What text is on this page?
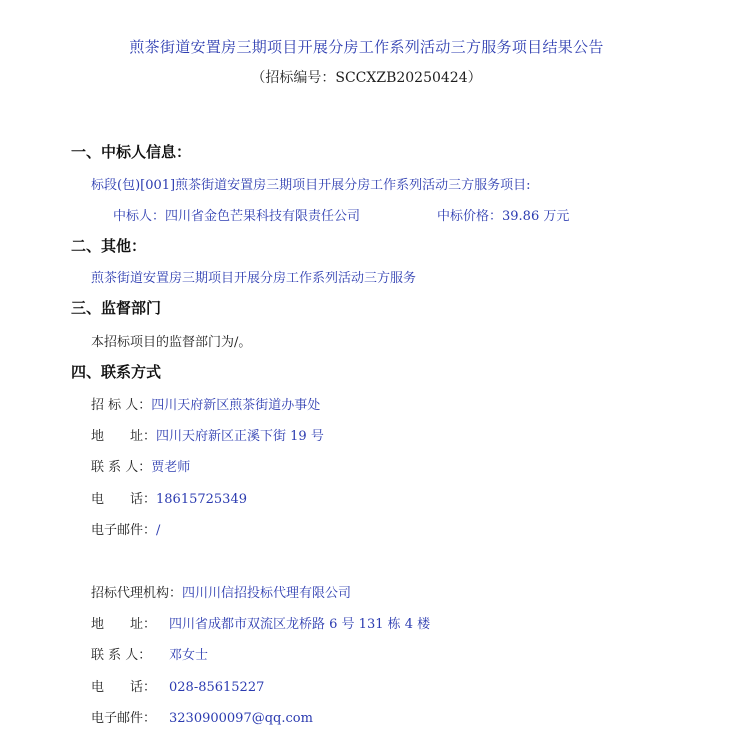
煎茶街道安置房三期项目开展分房工作系列活动三方服务项目结果公告
（招标编号：SCCXZB20250424）
一、中标人信息：
标段(包)[001]煎茶街道安置房三期项目开展分房工作系列活动三方服务项目:
中标人：四川省金色芒果科技有限责任公司	中标价格：39.86 万元
二、其他：
煎茶街道安置房三期项目开展分房工作系列活动三方服务
三、监督部门
本招标项目的监督部门为/。
四、联系方式
招 标 人：四川天府新区煎茶街道办事处
地　　址：四川天府新区正溪下街 19 号
联 系 人：贾老师
电　　话：18615725349
电子邮件：/
招标代理机构：四川川信招投标代理有限公司
地　　址： 四川省成都市双流区龙桥路 6 号 131 栋 4 楼
联 系 人： 邓女士
电　　话： 028-85615227
电子邮件： 3230900097@qq.com
